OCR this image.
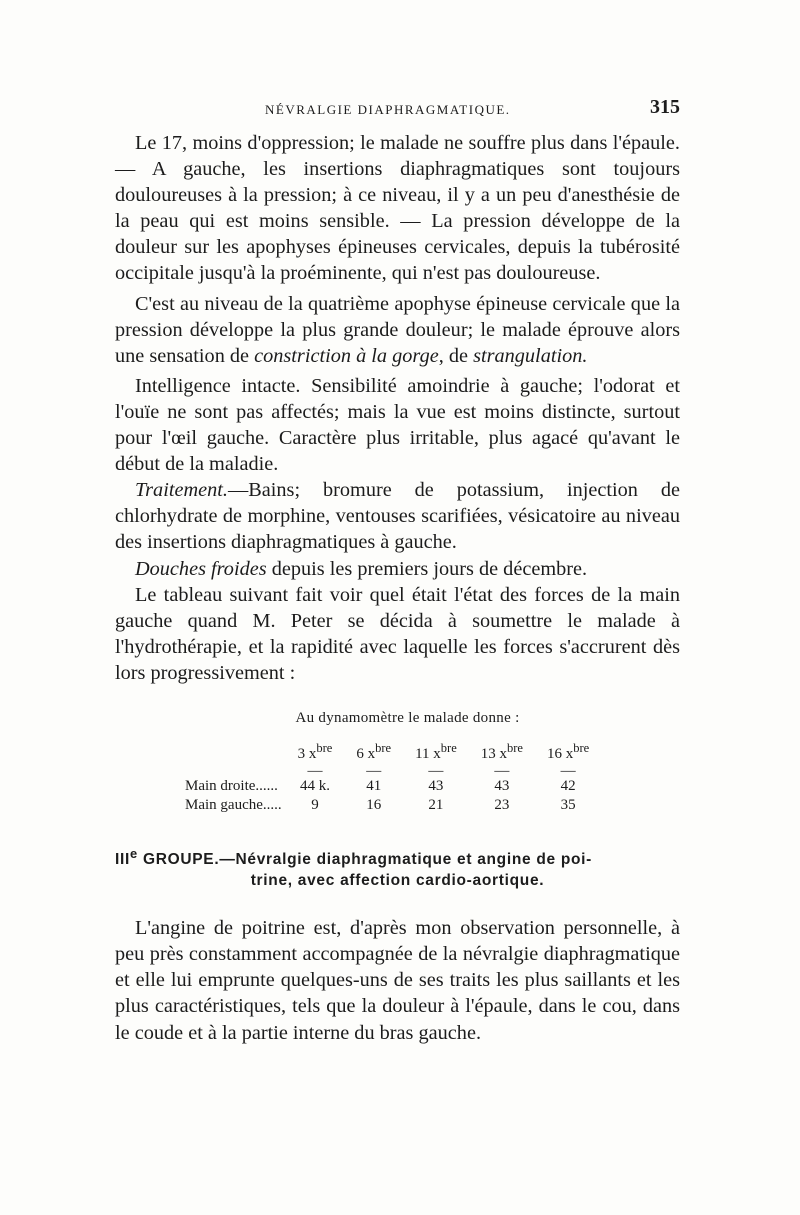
NÉVRALGIE DIAPHRAGMATIQUE.	315

Le 17, moins d'oppression; le malade ne souffre plus dans l'épaule.— A gauche, les insertions diaphragmatiques sont toujours douloureuses à la pression; à ce niveau, il y a un peu d'anesthésie de la peau qui est moins sensible. — La pression développe de la douleur sur les apophyses épineuses cervicales, depuis la tubérosité occipitale jusqu'à la proéminente, qui n'est pas douloureuse.

C'est au niveau de la quatrième apophyse épineuse cervicale que la pression développe la plus grande douleur; le malade éprouve alors une sensation de constriction à la gorge, de strangulation.

Intelligence intacte. Sensibilité amoindrie à gauche; l'odorat et l'ouïe ne sont pas affectés; mais la vue est moins distincte, surtout pour l'œil gauche. Caractère plus irritable, plus agacé qu'avant le début de la maladie.

Traitement.—Bains; bromure de potassium, injection de chlorhydrate de morphine, ventouses scarifiées, vésicatoire au niveau des insertions diaphragmatiques à gauche.

Douches froides depuis les premiers jours de décembre.

Le tableau suivant fait voir quel était l'état des forces de la main gauche quand M. Peter se décida à soumettre le malade à l'hydrothérapie, et la rapidité avec laquelle les forces s'accrurent dès lors progressivement :

Au dynamomètre le malade donne :
	3 $x^{bre}$	6 $x^{bre}$	11 $x^{bre}$	13 $x^{bre}$	16 $x^{bre}$
	—	—	—	—	—
Main droite......	44 k.	41	43	43	42
Main gauche.....	9	16	21	23	35
IIIe GROUPE.—Névralgie diaphragmatique et angine de poi-
trine, avec affection cardio-aortique.

L'angine de poitrine est, d'après mon observation personnelle, à peu près constamment accompagnée de la névralgie diaphragmatique et elle lui emprunte quelques-uns de ses traits les plus saillants et les plus caractéristiques, tels que la douleur à l'épaule, dans le cou, dans le coude et à la partie interne du bras gauche.
